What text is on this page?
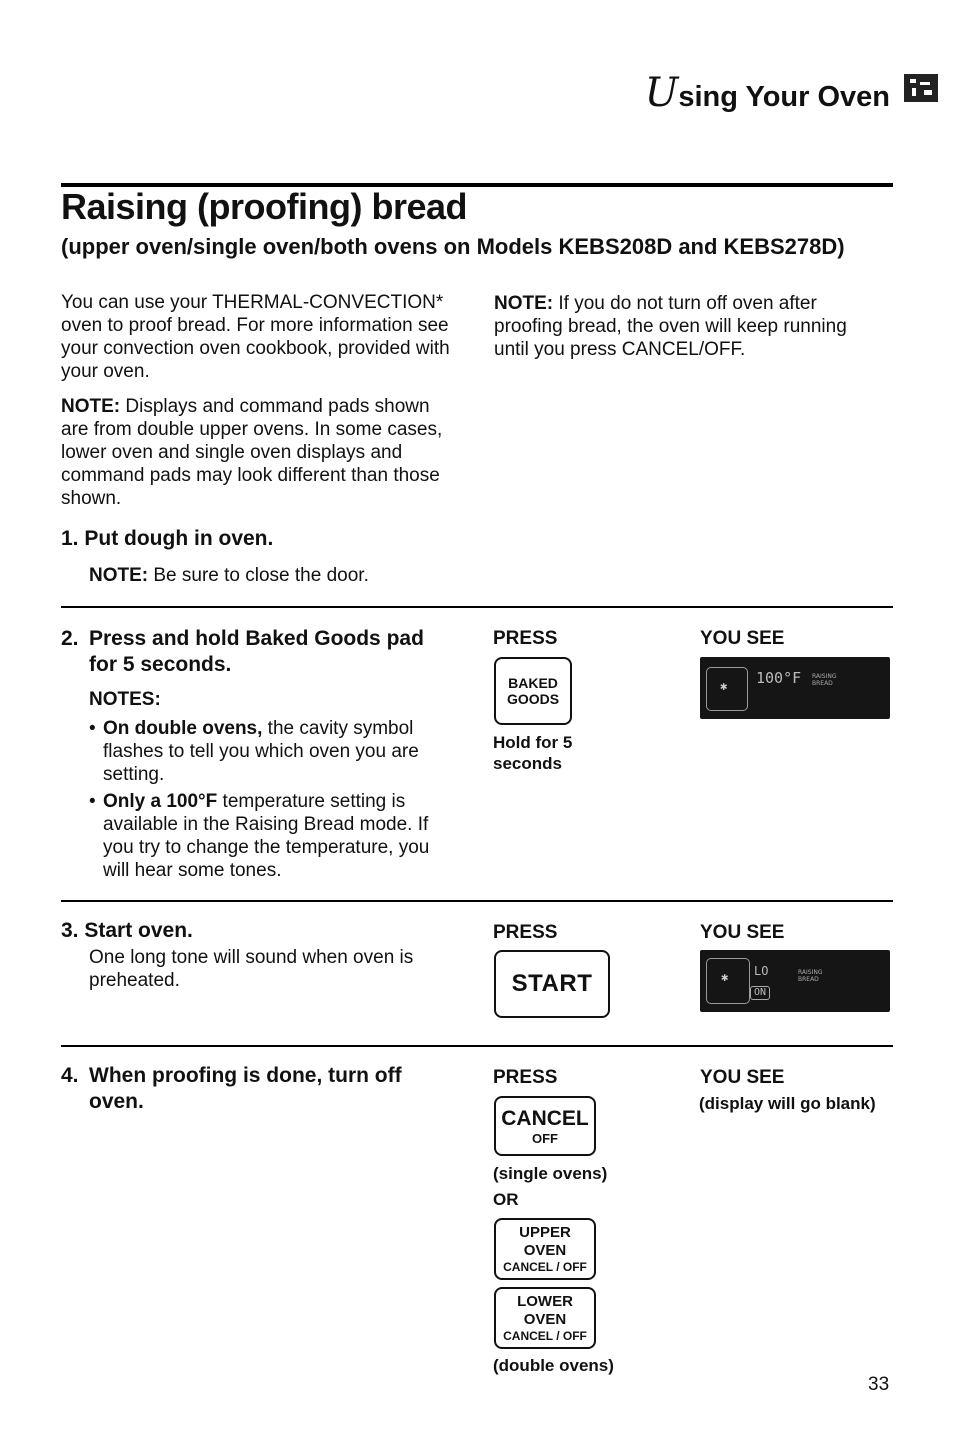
Using Your Oven
Raising (proofing) bread

(upper oven/single oven/both ovens on Models KEBS208D and KEBS278D)

You can use your THERMAL-CONVECTION* oven to proof bread. For more information see your convection oven cookbook, provided with your oven.
NOTE: Displays and command pads shown are from double upper ovens. In some cases, lower oven and single oven displays and command pads may look different than those shown.
NOTE: If you do not turn off oven after proofing bread, the oven will keep running until you press CANCEL/OFF.
1. Put dough in oven.
NOTE: Be sure to close the door.
2. Press and hold Baked Goods pad for 5 seconds.
NOTES:
• On double ovens, the cavity symbol flashes to tell you which oven you are setting.
• Only a 100°F temperature setting is available in the Raising Bread mode. If you try to change the temperature, you will hear some tones.
PRESS
BAKED
GOODS
Hold for 5 seconds
YOU SEE
✱ 100°F RAISING
BREAD
3. Start oven.
One long tone will sound when oven is preheated.
PRESS
START
YOU SEE
✱ LO
ON
RAISING
BREAD
4. When proofing is done, turn off oven.
PRESS
CANCEL
OFF
(single ovens)
OR
UPPER OVEN
CANCEL / OFF
LOWER OVEN
CANCEL / OFF
(double ovens)
YOU SEE
(display will go blank)
33
